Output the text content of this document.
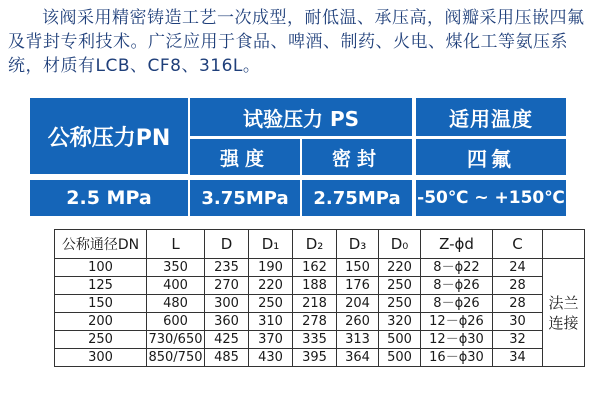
该阀采用精密铸造工艺一次成型，耐低温、承压高，阀瓣采用压嵌四氟及背封专利技术。广泛应用于食品、啤酒、制药、火电、煤化工等氨压系统，材质有LCB、CF8、316L。
公称压力PN
试验压力 PS
强度	密封
适用温度
四氟
2.5 MPa	3.75MPa	2.75MPa -50℃ ~ +150℃
公称通径DN	L	D	D₁	D₂	D₃	D₀	Z-ϕd	C	
100	350	235	190	162	150	220	8－ϕ22	24	法兰连接
125	400	270	220	188	176	250	8－ϕ26	28	
150	480	300	250	218	204	250	8－ϕ26	28	
200	600	360	310	278	260	320	12－ϕ26	30	
250	730/650	425	370	335	313	500	12－ϕ30	32	
300	850/750	485	430	395	364	500	16－ϕ30	34	
